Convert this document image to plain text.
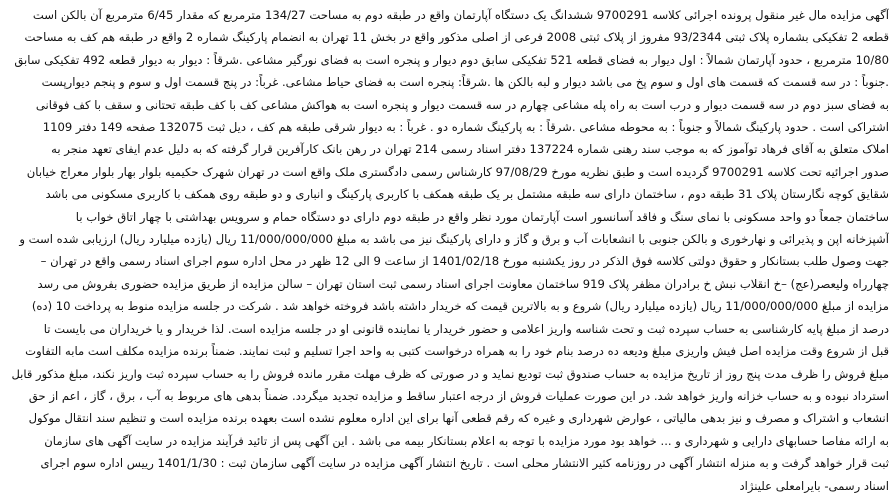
آگهی مزایده مال غیر منقول پرونده اجرائی کلاسه 9700291 ششدانگ یک دستگاه آپارتمان واقع در طبقه دوم به مساحت 134/27 مترمربع که مقدار 6/45 مترمربع آن بالکن است
قطعه 2 تفکیکی بشماره پلاک ثبتی 93/2344 مفروز از پلاک ثبتی 2008 فرعی از اصلی مذکور واقع در بخش 11 تهران به انضمام پارکینگ شماره 2 واقع در طبقه هم کف به مساحت
10/80 مترمربع ، حدود آپارتمان شمالاً : اول دیوار به فضای قطعه 521 تفکیکی سابق دوم دیوار و پنجره است به فضای نورگیر مشاعی .شرقاً : دیوار به دیوار قطعه 492 تفکیکی سابق
.جنوباً : در سه قسمت که قسمت های اول و سوم پخ می باشد دیوار و لبه بالکن ها .شرقاً: پنجره است به فضای حیاط مشاعی. غرباً: در پنج قسمت اول و سوم و پنجم دیوارپست
به فضای سبز دوم در سه قسمت دیوار و درب است به راه پله مشاعی چهارم در سه قسمت دیوار و پنجره است به هواکش مشاعی کف با کف طبقه تحتانی و سقف با کف فوقانی
اشتراکی است . حدود پارکینگ شمالاً و جنوباً : به محوطه مشاعی .شرقاً : به پارکینگ شماره دو . غرباً : به دیوار شرقی طبقه هم کف ، دیل ثبت 132075 صفحه 149 دفتر 1109
املاک متعلق به آقای فرهاد توآموز که به موجب سند رهنی شماره 137224 دفتر اسناد رسمی 214 تهران در رهن بانک کارآفرین قرار گرفته که به دلیل عدم ایفای تعهد منجر به
صدور اجرائیه تحت کلاسه 9700291 گردیده است و طبق نظریه مورخ 97/08/29 کارشناس رسمی دادگستری ملک واقع است در تهران شهرک حکیمیه بلوار بهار بلوار معراج خیابان
شقایق کوچه نگارستان پلاک 31 طبقه دوم ، ساختمان دارای سه طبقه مشتمل بر یک طبقه همکف با کاربری پارکینگ و انباری و دو طبقه روی همکف با کاربری مسکونی می باشد
ساختمان جمعاً دو واحد مسکونی با نمای سنگ و فاقد آسانسور است آپارتمان مورد نظر واقع در طبقه دوم دارای دو دستگاه حمام و سرویس بهداشتی با چهار اتاق خواب با
آشپزخانه اپن و پذیرائی و نهارخوری و بالکن جنوبی با انشعابات آب و برق و گاز و دارای پارکینگ نیز می باشد به مبلغ 11/000/000/000 ریال (یازده میلیارد ریال) ارزیابی شده است و
جهت وصول طلب بستانکار و حقوق دولتی کلاسه فوق الذکر در روز یکشنبه مورخ 1401/02/18 از ساعت 9 الی 12 ظهر در محل اداره سوم اجرای اسناد رسمی واقع در تهران –
چهارراه ولیعصر(عج) –خ انقلاب نبش خ برادران مظفر پلاک 919 ساختمان معاونت اجرای اسناد رسمی ثبت استان تهران – سالن مزایده از طریق مزایده حضوری بفروش می رسد
مزایده از مبلغ 11/000/000/000 ریال (یازده میلیارد ریال) شروع و به بالاترین قیمت که خریدار داشته باشد فروخته خواهد شد . شرکت در جلسه مزایده منوط به پرداخت 10 (ده)
درصد از مبلغ پایه کارشناسی به حساب سپرده ثبت و تحت شناسه واریز اعلامی و حضور خریدار یا نماینده قانونی او در جلسه مزایده است. لذا خریدار و یا خریداران می بایست تا
قبل از شروع وقت مزایده اصل فیش واریزی مبلغ ودیعه ده درصد بنام خود را به همراه درخواست کتبی به واحد اجرا تسلیم و ثبت نمایند. ضمناً برنده مزایده مکلف است مابه التفاوت
مبلغ فروش را ظرف مدت پنج روز از تاریخ مزایده به حساب صندوق ثبت تودیع نماید و در صورتی که ظرف مهلت مقرر مانده فروش را به حساب سپرده ثبت واریز نکند، مبلغ مذکور قابل
استرداد نبوده و به حساب خزانه واریز خواهد شد. در این صورت عملیات فروش از درجه اعتبار ساقط و مزایده تجدید میگردد. ضمناً بدهی های مربوط به آب ، برق ، گاز ، اعم از حق
انشعاب و اشتراک و مصرف و نیز بدهی مالیاتی ، عوارض شهرداری و غیره که رقم قطعی آنها برای این اداره معلوم نشده است بعهده برنده مزایده است و تنظیم سند انتقال موکول
به ارائه مفاصا حسابهای دارایی و شهرداری و ... خواهد بود مورد مزایده با توجه به اعلام بستانکار بیمه می باشد . این آگهی پس از تائید فرآیند مزایده در سایت آگهی های سازمان
ثبت قرار خواهد گرفت و به منزله انتشار آگهی در روزنامه کثیر الانتشار محلی است . تاریخ انتشار آگهی مزایده در سایت آگهی سازمان ثبت : 1401/1/30 رییس اداره سوم اجرای
اسناد رسمی- بایرامعلی علینژاد
